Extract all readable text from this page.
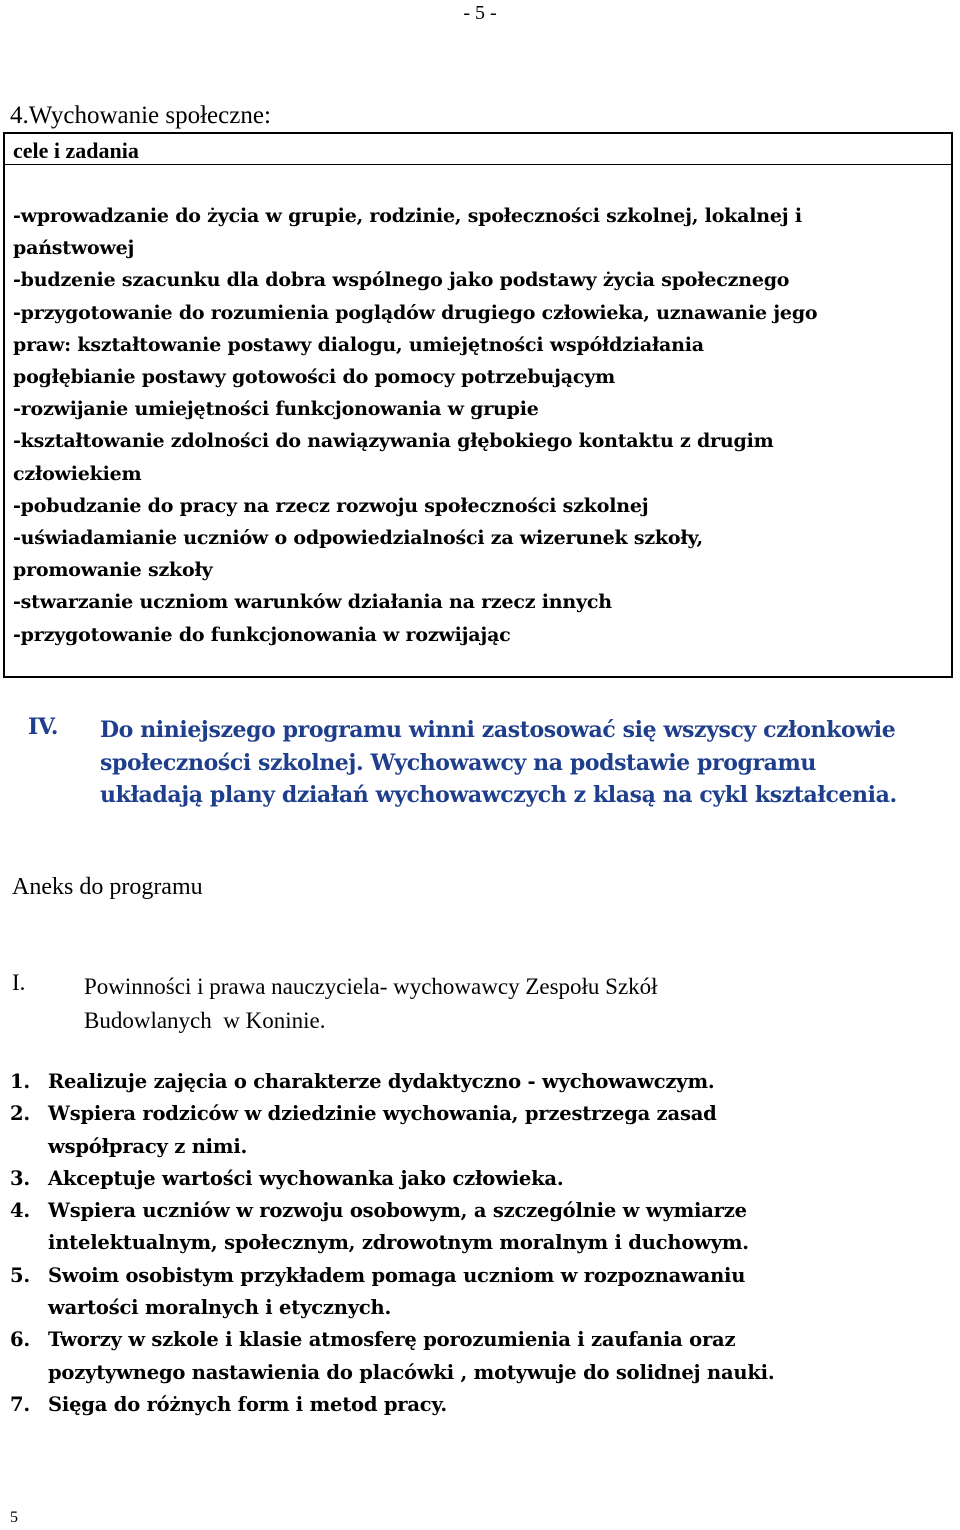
- 5 -
4.Wychowanie społeczne:
cele i zadania
-wprowadzanie do życia w grupie, rodzinie, społeczności szkolnej, lokalnej i
państwowej
-budzenie szacunku dla dobra wspólnego jako podstawy życia społecznego
-przygotowanie do rozumienia poglądów drugiego człowieka, uznawanie jego
praw: kształtowanie postawy dialogu, umiejętności współdziałania
pogłębianie postawy gotowości do pomocy potrzebującym
-rozwijanie umiejętności funkcjonowania w grupie
-kształtowanie zdolności do nawiązywania głębokiego kontaktu z drugim
człowiekiem
-pobudzanie do pracy na rzecz rozwoju społeczności szkolnej
-uświadamianie uczniów o odpowiedzialności za wizerunek szkoły,
promowanie szkoły
-stwarzanie uczniom warunków działania na rzecz innych
-przygotowanie do funkcjonowania w rozwijając
IV. Do niniejszego programu winni zastosować się wszyscy członkowie
społeczności szkolnej. Wychowawcy na podstawie programu
układają plany działań wychowawczych z klasą na cykl kształcenia.
Aneks do programu
I.	Powinności i prawa nauczyciela- wychowawcy Zespołu Szkół
Budowlanych  w Koninie.
1. Realizuje zajęcia o charakterze dydaktyczno - wychowawczym.
2. Wspiera rodziców w dziedzinie wychowania, przestrzega zasad
współpracy z nimi.
3. Akceptuje wartości wychowanka jako człowieka.
4. Wspiera uczniów w rozwoju osobowym, a szczególnie w wymiarze
intelektualnym, społecznym, zdrowotnym moralnym i duchowym.
5. Swoim osobistym przykładem pomaga uczniom w rozpoznawaniu
wartości moralnych i etycznych.
6. Tworzy w szkole i klasie atmosferę porozumienia i zaufania oraz
pozytywnego nastawienia do placówki , motywuje do solidnej nauki.
7. Sięga do różnych form i metod pracy.
5
